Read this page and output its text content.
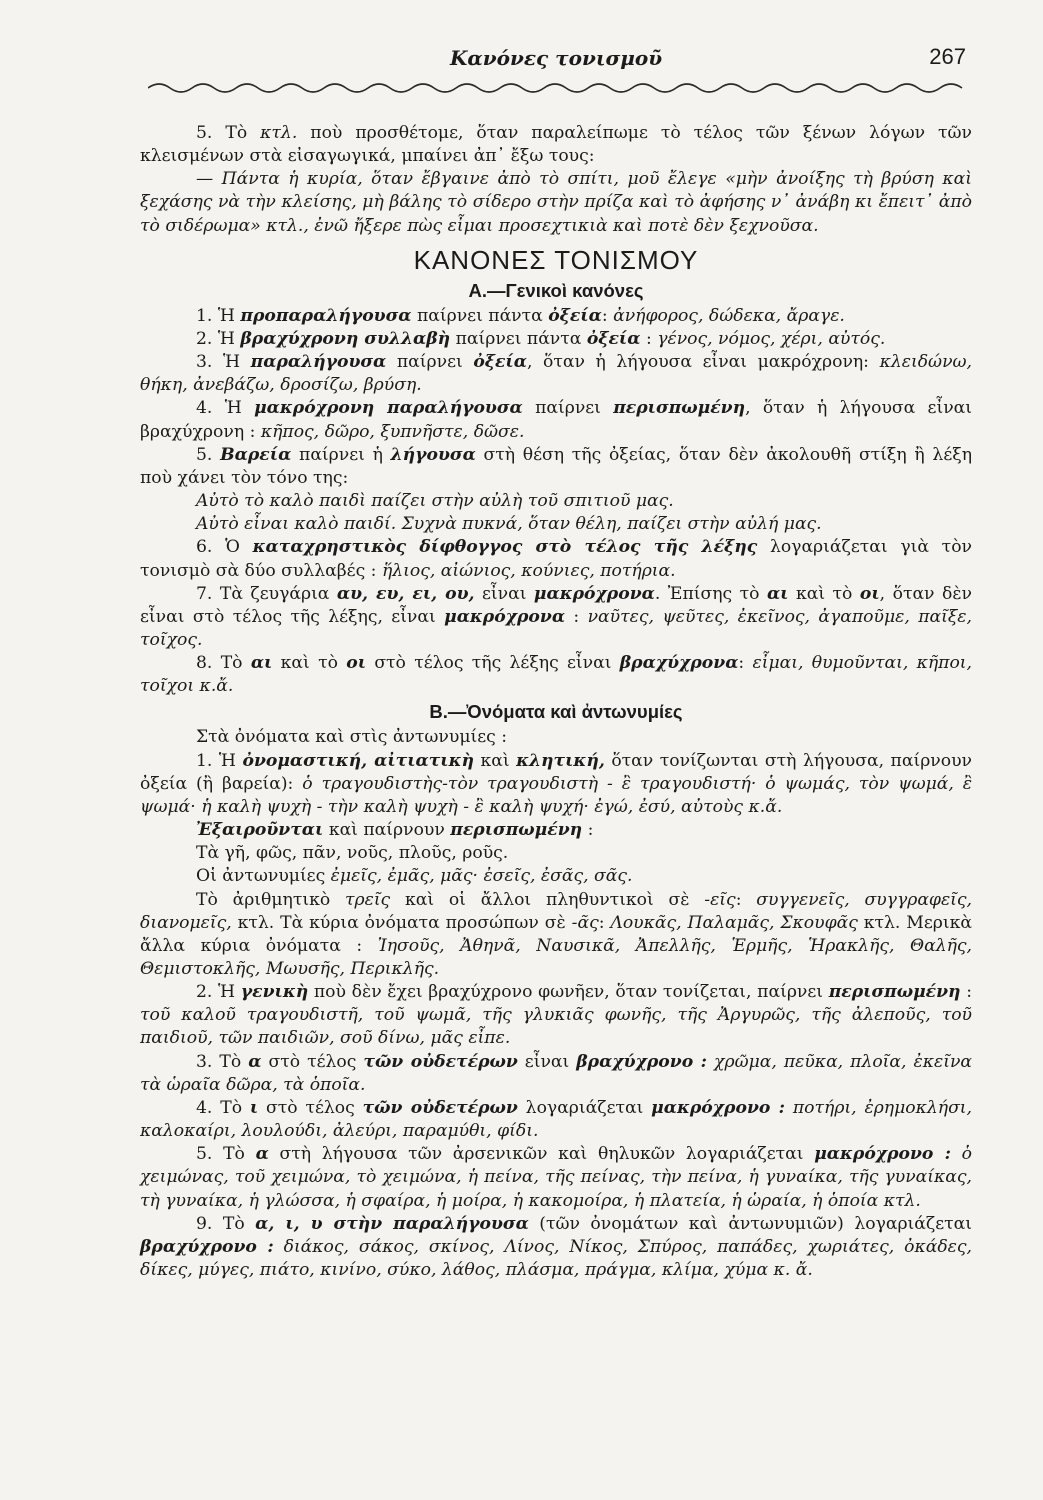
Κανόνες τονισμοῦ	267

5. Τὸ κτλ. ποὺ προσθέτομε, ὅταν παραλείπωμε τὸ τέλος τῶν ξένων λόγων τῶν κλεισμένων στὰ εἰσαγωγικά, μπαίνει ἀπ᾽ ἔξω τους:

— Πάντα ἡ κυρία, ὅταν ἔβγαινε ἀπὸ τὸ σπίτι, μοῦ ἔλεγε «μὴν ἀνοίξης τὴ βρύση καὶ ξεχάσης νὰ τὴν κλείσης, μὴ βάλης τὸ σίδερο στὴν πρίζα καὶ τὸ ἀφήσης ν᾽ ἀνάβη κι ἔπειτ᾽ ἀπὸ τὸ σιδέρωμα» κτλ., ἐνῶ ἤξερε πὼς εἶμαι προσεχτικιὰ καὶ ποτὲ δὲν ξεχνοῦσα.

ΚΑΝΟΝΕΣ ΤΟΝΙΣΜΟΥ
Α.—Γενικοὶ κανόνες

1. Ἡ προπαραλήγουσα παίρνει πάντα ὀξεία: ἀνήφορος, δώδεκα, ἄραγε.

2. Ἡ βραχύχρονη συλλαβὴ παίρνει πάντα ὀξεία : γένος, νόμος, χέρι, αὐτός.

3. Ἡ παραλήγουσα παίρνει ὀξεία, ὅταν ἡ λήγουσα εἶναι μακρόχρονη: κλειδώνω, θήκη, ἀνεβάζω, δροσίζω, βρύση.

4. Ἡ μακρόχρονη παραλήγουσα παίρνει περισπωμένη, ὅταν ἡ λήγουσα εἶναι βραχύχρονη : κῆπος, δῶρο, ξυπνῆστε, δῶσε.

5. Βαρεία παίρνει ἡ λήγουσα στὴ θέση τῆς ὀξείας, ὅταν δὲν ἀκολουθῆ στίξη ἢ λέξη ποὺ χάνει τὸν τόνο της:

Αὐτὸ τὸ καλὸ παιδὶ παίζει στὴν αὐλὴ τοῦ σπιτιοῦ μας.

Αὐτὸ εἶναι καλὸ παιδί. Συχνὰ πυκνά, ὅταν θέλη, παίζει στὴν αὐλή μας.

6. Ὁ καταχρηστικὸς δίφθογγος στὸ τέλος τῆς λέξης λογαριάζεται γιὰ τὸν τονισμὸ σὰ δύο συλλαβές : ἥλιος, αἰώνιος, κούνιες, ποτήρια.

7. Τὰ ζευγάρια αυ, ευ, ει, ου, εἶναι μακρόχρονα. Ἐπίσης τὸ αι καὶ τὸ οι, ὅταν δὲν εἶναι στὸ τέλος τῆς λέξης, εἶναι μακρόχρονα : ναῦτες, ψεῦτες, ἐκεῖνος, ἀγαποῦμε, παῖξε, τοῖχος.

8. Τὸ αι καὶ τὸ οι στὸ τέλος τῆς λέξης εἶναι βραχύχρονα: εἶμαι, θυμοῦνται, κῆποι, τοῖχοι κ.ἄ.

Β.—Ὀνόματα καὶ ἀντωνυμίες

Στὰ ὀνόματα καὶ στὶς ἀντωνυμίες :

1. Ἡ ὀνομαστική, αἰτιατικὴ καὶ κλητική, ὅταν τονίζωνται στὴ λήγουσα, παίρνουν ὀξεία (ἢ βαρεία): ὁ τραγουδιστὴς-τὸν τραγουδιστὴ - ἒ τραγουδιστή· ὁ ψωμάς, τὸν ψωμά, ἒ ψωμά· ἡ καλὴ ψυχὴ - τὴν καλὴ ψυχὴ - ἒ καλὴ ψυχή· ἐγώ, ἐσύ, αὐτοὺς κ.ἄ.

Ἐξαιροῦνται καὶ παίρνουν περισπωμένη :

Τὰ γῆ, φῶς, πᾶν, νοῦς, πλοῦς, ροῦς.

Οἱ ἀντωνυμίες ἐμεῖς, ἐμᾶς, μᾶς· ἐσεῖς, ἐσᾶς, σᾶς.

Τὸ ἀριθμητικὸ τρεῖς καὶ οἱ ἄλλοι πληθυντικοὶ σὲ -εῖς: συγγενεῖς, συγγραφεῖς, διανομεῖς, κτλ. Τὰ κύρια ὀνόματα προσώπων σὲ -ᾶς: Λουκᾶς, Παλαμᾶς, Σκουφᾶς κτλ. Μερικὰ ἄλλα κύρια ὀνόματα : Ἰησοῦς, Ἀθηνᾶ, Ναυσικᾶ, Ἀπελλῆς, Ἑρμῆς, Ἡρακλῆς, Θαλῆς, Θεμιστοκλῆς, Μωυσῆς, Περικλῆς.

2. Ἡ γενικὴ ποὺ δὲν ἔχει βραχύχρονο φωνῆεν, ὅταν τονίζεται, παίρνει περισπωμένη : τοῦ καλοῦ τραγουδιστῆ, τοῦ ψωμᾶ, τῆς γλυκιᾶς φωνῆς, τῆς Ἀργυρῶς, τῆς ἀλεποῦς, τοῦ παιδιοῦ, τῶν παιδιῶν, σοῦ δίνω, μᾶς εἶπε.

3. Τὸ α στὸ τέλος τῶν οὐδετέρων εἶναι βραχύχρονο : χρῶμα, πεῦκα, πλοῖα, ἐκεῖνα τὰ ὡραῖα δῶρα, τὰ ὁποῖα.

4. Τὸ ι στὸ τέλος τῶν οὐδετέρων λογαριάζεται μακρόχρονο : ποτήρι, ἐρημοκλήσι, καλοκαίρι, λουλούδι, ἀλεύρι, παραμύθι, φίδι.

5. Τὸ α στὴ λήγουσα τῶν ἀρσενικῶν καὶ θηλυκῶν λογαριάζεται μακρόχρονο : ὁ χειμώνας, τοῦ χειμώνα, τὸ χειμώνα, ἡ πείνα, τῆς πείνας, τὴν πείνα, ἡ γυναίκα, τῆς γυναίκας, τὴ γυναίκα, ἡ γλώσσα, ἡ σφαίρα, ἡ μοίρα, ἡ κακομοίρα, ἡ πλατεία, ἡ ὡραία, ἡ ὁποία κτλ.

9. Τὸ α, ι, υ στὴν παραλήγουσα (τῶν ὀνομάτων καὶ ἀντωνυμιῶν) λογαριάζεται βραχύχρονο : διάκος, σάκος, σκίνος, Λίνος, Νίκος, Σπύρος, παπάδες, χωριάτες, ὀκάδες, δίκες, μύγες, πιάτο, κινίνο, σύκο, λάθος, πλάσμα, πράγμα, κλίμα, χύμα κ. ἄ.
